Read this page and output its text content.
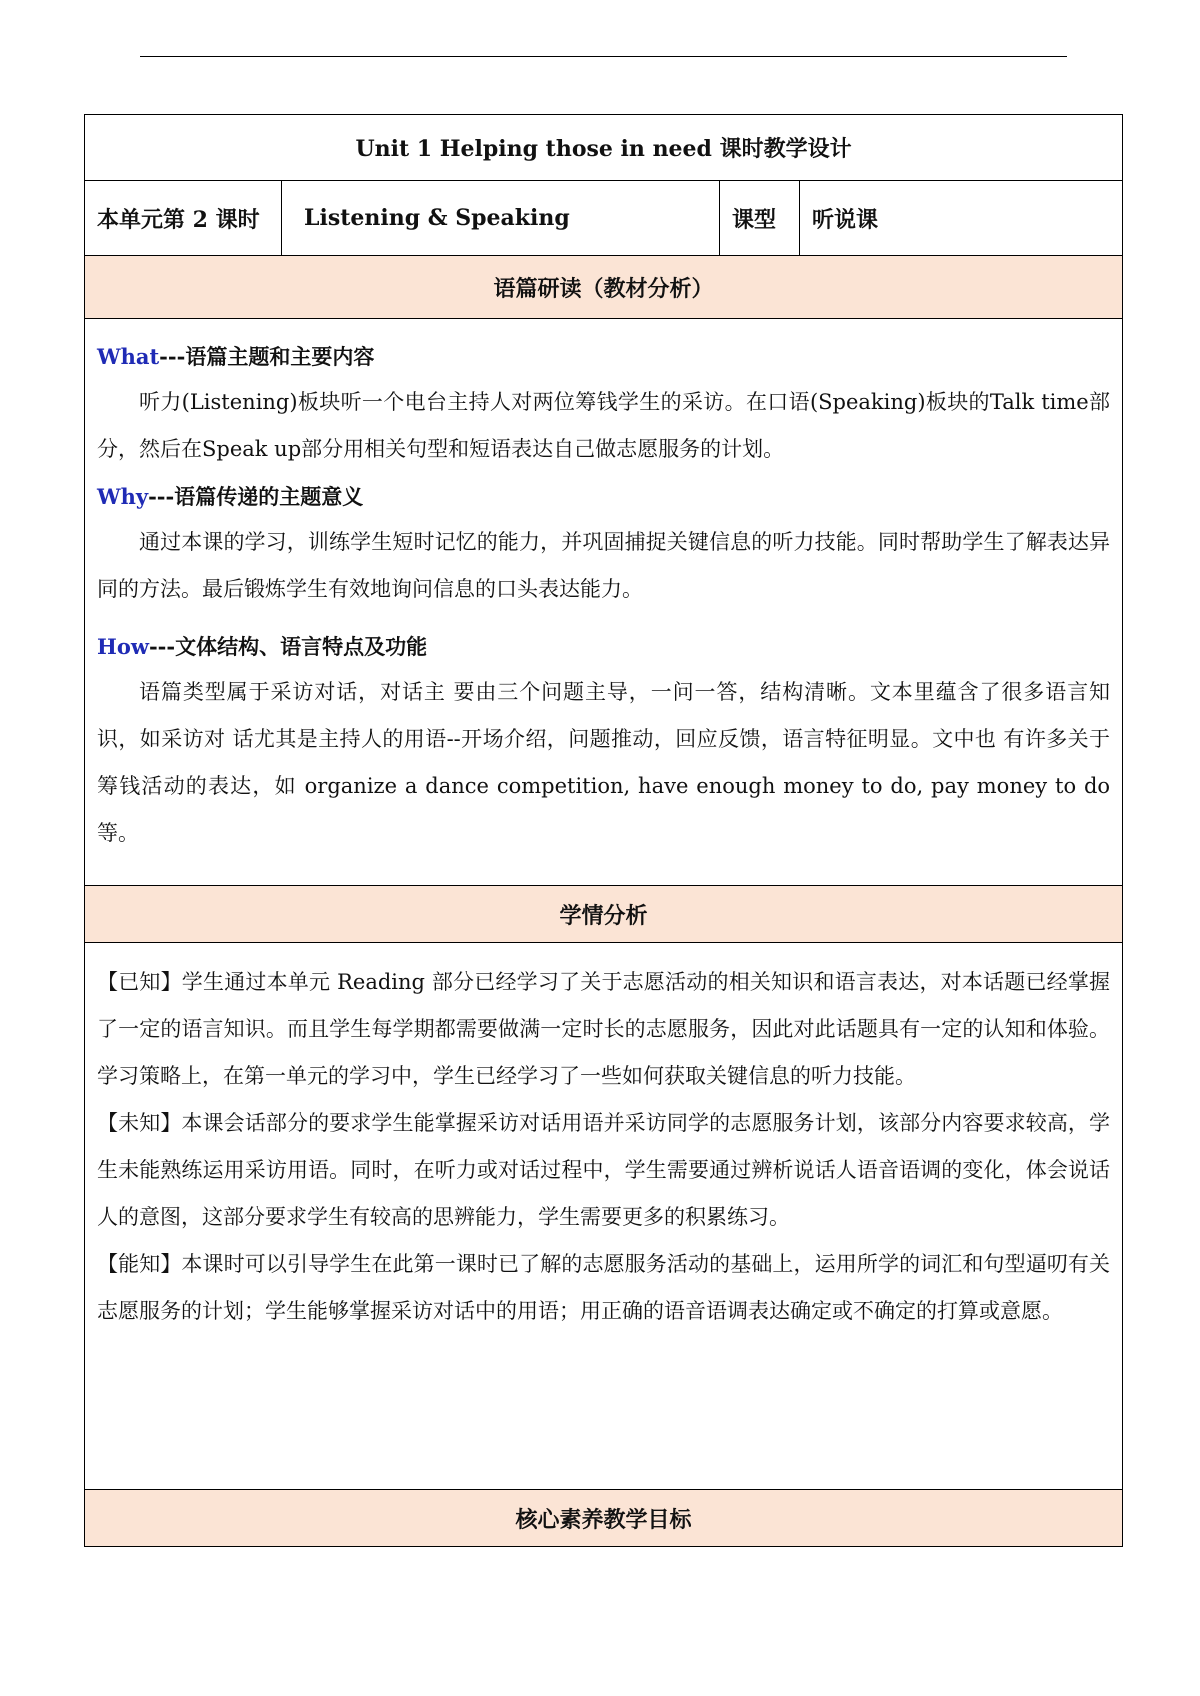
Unit 1 Helping those in need 课时教学设计
本单元第 2 课时	Listening & Speaking	课型	听说课
语篇研读（教材分析）

What---语篇主题和主要内容

听力(Listening)板块听一个电台主持人对两位筹钱学生的采访。在口语(Speaking)板块的Talk time部分，然后在Speak up部分用相关句型和短语表达自己做志愿服务的计划。

Why---语篇传递的主题意义

通过本课的学习，训练学生短时记忆的能力，并巩固捕捉关键信息的听力技能。同时帮助学生了解表达异同的方法。最后锻炼学生有效地询问信息的口头表达能力。

How---文体结构、语言特点及功能

语篇类型属于采访对话，对话主 要由三个问题主导，一问一答，结构清晰。文本里蕴含了很多语言知识，如采访对 话尤其是主持人的用语--开场介绍，问题推动，回应反馈，语言特征明显。文中也 有许多关于筹钱活动的表达，如 organize a dance competition, have enough money to do, pay money to do 等。

学情分析

【已知】学生通过本单元 Reading 部分已经学习了关于志愿活动的相关知识和语言表达，对本话题已经掌握了一定的语言知识。而且学生每学期都需要做满一定时长的志愿服务，因此对此话题具有一定的认知和体验。学习策略上，在第一单元的学习中，学生已经学习了一些如何获取关键信息的听力技能。

【未知】本课会话部分的要求学生能掌握采访对话用语并采访同学的志愿服务计划，该部分内容要求较高，学生未能熟练运用采访用语。同时，在听力或对话过程中，学生需要通过辨析说话人语音语调的变化，体会说话人的意图，这部分要求学生有较高的思辨能力，学生需要更多的积累练习。

【能知】本课时可以引导学生在此第一课时已了解的志愿服务活动的基础上，运用所学的词汇和句型逼叨有关志愿服务的计划；学生能够掌握采访对话中的用语；用正确的语音语调表达确定或不确定的打算或意愿。

核心素养教学目标
